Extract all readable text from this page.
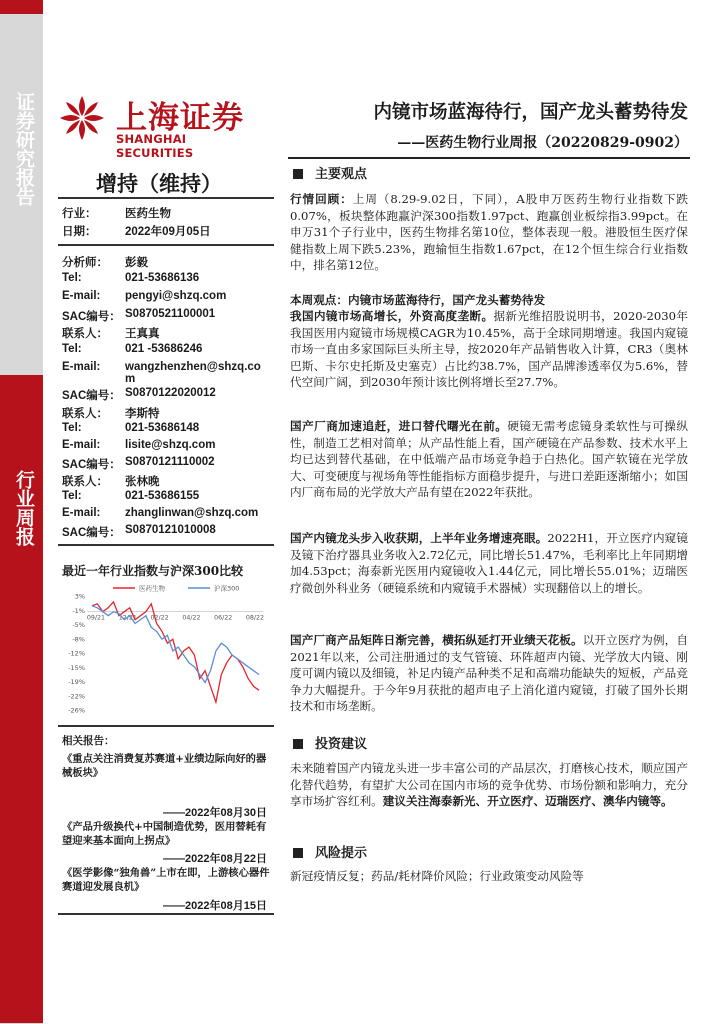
证券研究报告
行业周报
上海证券
SHANGHAI SECURITIES
增持（维持）
行业： 医药生物
日期： 2022年09月05日
分析师： 彭毅
Tel:	021-53686136
E-mail: pengyi@shzq.com
SAC编号： S0870521100001
联系人： 王真真
Tel:	021 -53686246
E-mail: wangzhenzhen@shzq.co
m
SAC编号： S0870122020012
联系人： 李斯特
Tel:	021-53686148
E-mail: lisite@shzq.com
SAC编号： S0870121110002
联系人： 张林晚
Tel:	021-53686155
E-mail: zhanglinwan@shzq.com
SAC编号： S0870121010008
最近一年行业指数与沪深300比较
医药生物	沪深300
3%
-1%
-5%
-8%
-12%
-15%
-19%
-22%
-26%
09/21 12/21 02/22 04/22 06/22 08/22
相关报告：
《重点关注消费复苏赛道+业绩边际向好的器械板块》
——2022年08月30日
《产品升级换代+中国制造优势，医用替耗有望迎来基本面向上拐点》
——2022年08月22日
《医学影像“独角兽”上市在即，上游核心器件赛道迎发展良机》
——2022年08月15日
内镜市场蓝海待行，国产龙头蓄势待发
——医药生物行业周报（20220829-0902）
主要观点
行情回顾：上周（8.29-9.02日，下同），A股申万医药生物行业指数下跌0.07%，板块整体跑赢沪深300指数1.97pct、跑赢创业板综指3.99pct。在申万31个子行业中，医药生物排名第10位，整体表现一般。港股恒生医疗保健指数上周下跌5.23%，跑输恒生指数1.67pct，在12个恒生综合行业指数中，排名第12位。
本周观点：内镜市场蓝海待行，国产龙头蓄势待发
我国内镜市场高增长，外资高度垄断。据新光维招股说明书，2020-2030年我国医用内窥镜市场规模CAGR为10.45%，高于全球同期增速。我国内窥镜市场一直由多家国际巨头所主导，按2020年产品销售收入计算，CR3（奥林巴斯、卡尔史托斯及史塞克）占比约38.7%，国产品牌渗透率仅为5.6%，替代空间广阔，到2030年预计该比例将增长至27.7%。
国产厂商加速追赶，进口替代曙光在前。硬镜无需考虑镜身柔软性与可操纵性，制造工艺相对简单；从产品性能上看，国产硬镜在产品参数、技术水平上均已达到替代基础，在中低端产品市场竞争趋于白热化。国产软镜在光学放大、可变硬度与视场角等性能指标方面稳步提升，与进口差距逐渐缩小；如国内厂商布局的光学放大产品有望在2022年获批。
国产内镜龙头步入收获期，上半年业务增速亮眼。2022H1，开立医疗内窥镜及镜下治疗器具业务收入2.72亿元，同比增长51.47%，毛利率比上年同期增加4.53pct；海泰新光医用内窥镜收入1.44亿元，同比增长55.01%；迈瑞医疗微创外科业务（硬镜系统和内窥镜手术器械）实现翻倍以上的增长。
国产厂商产品矩阵日渐完善，横拓纵延打开业绩天花板。以开立医疗为例，自2021年以来，公司注册通过的支气管镜、环阵超声内镜、光学放大内镜、刚度可调内镜以及细镜，补足内镜产品种类不足和高端功能缺失的短板，产品竞争力大幅提升。于今年9月获批的超声电子上消化道内窥镜，打破了国外长期技术和市场垄断。
投资建议
未来随着国产内镜龙头进一步丰富公司的产品层次，打磨核心技术，顺应国产化替代趋势，有望扩大公司在国内市场的竞争优势、市场份额和影响力，充分享市场扩容红利。建议关注海泰新光、开立医疗、迈瑞医疗、澳华内镜等。
风险提示
新冠疫情反复；药品/耗材降价风险；行业政策变动风险等
